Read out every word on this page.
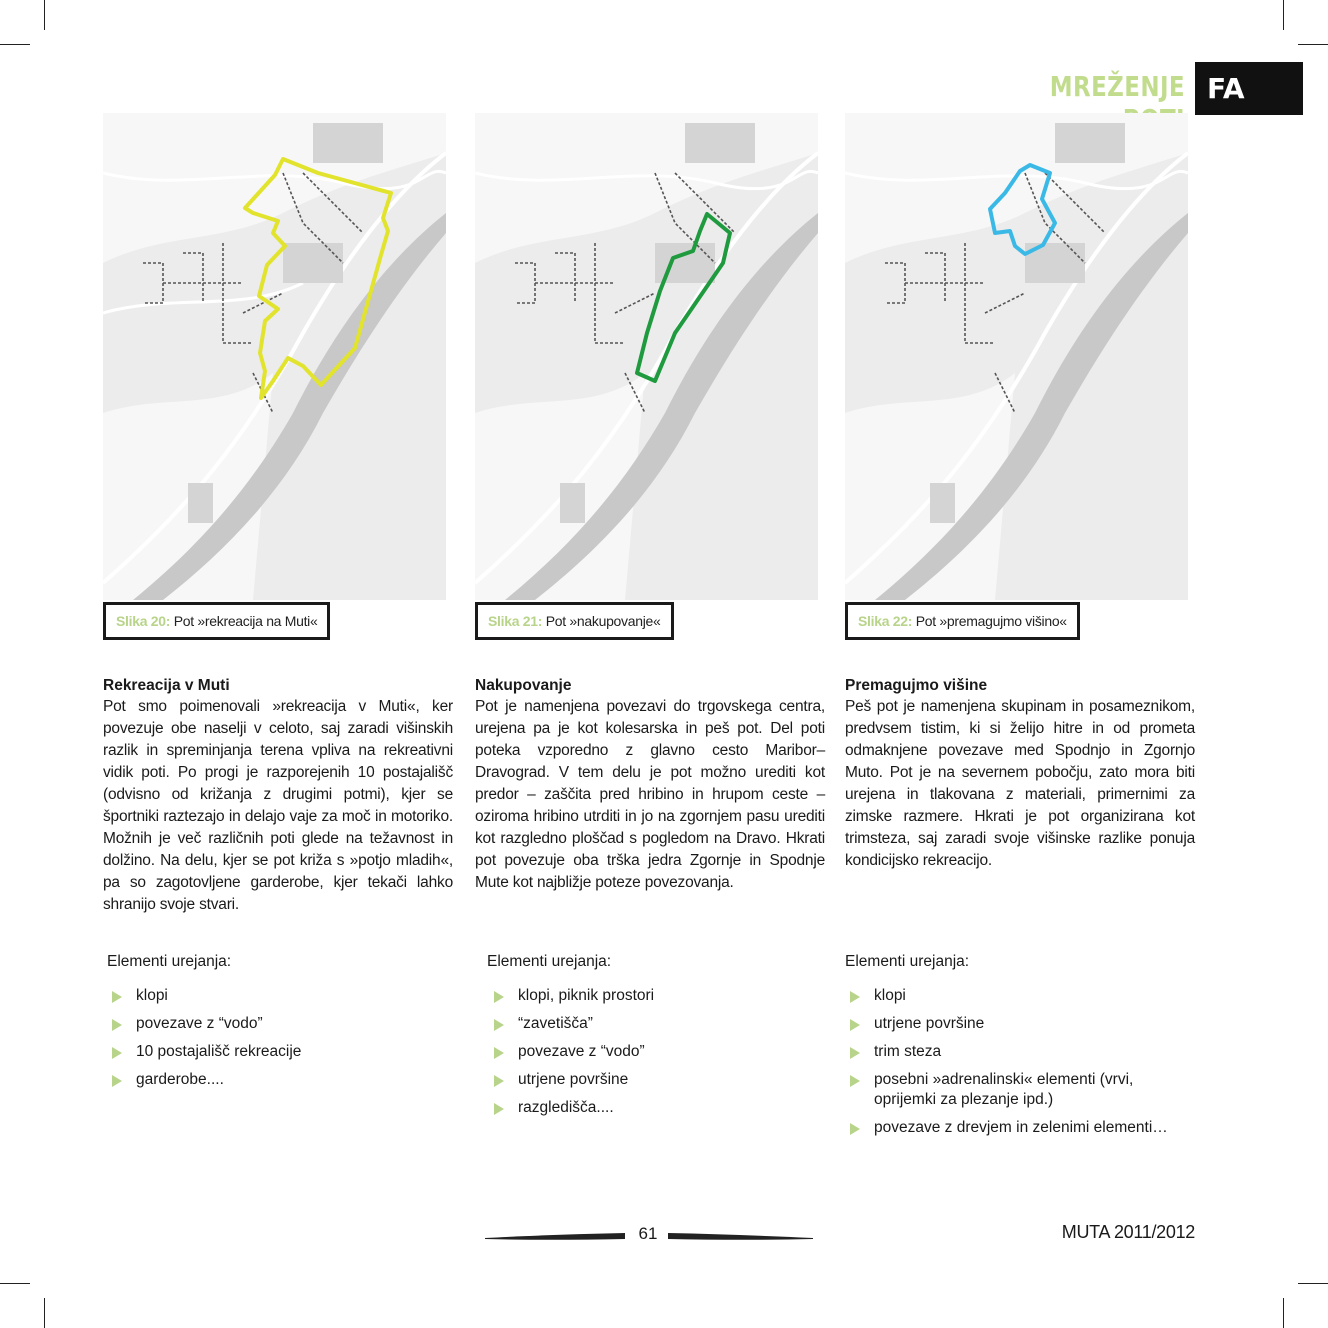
MREŽENJE FA
Slika 20: Pot »rekreacija na Muti«	Slika 21: Pot »nakupovanje«	Slika 22: Pot »premagujmo višino«
Rekreacija v Muti

Pot smo poimenovali »rekreacija v Muti«, ker povezuje obe naselji v celoto, saj zaradi višinskih razlik in spreminjanja terena vpliva na rekreativni vidik poti. Po progi je razporejenih 10 postajališč (odvisno od križanja z drugimi potmi), kjer se športniki raztezajo in delajo vaje za moč in motoriko. Možnih je več različnih poti glede na težavnost in dolžino. Na delu, kjer se pot križa s »potjo mladih«, pa so zagotovljene garderobe, kjer tekači lahko shranijo svoje stvari.

Nakupovanje

Pot je namenjena povezavi do trgovskega centra, urejena pa je kot kolesarska in peš pot. Del poti poteka vzporedno z glavno cesto Maribor–Dravograd. V tem delu je pot možno urediti kot predor – zaščita pred hribino in hrupom ceste – oziroma hribino utrditi in jo na zgornjem pasu urediti kot razgledno ploščad s pogledom na Dravo. Hkrati pot povezuje oba trška jedra Zgornje in Spodnje Mute kot najbližje poteze povezovanja.

Premagujmo višine

Peš pot je namenjena skupinam in posameznikom, predvsem tistim, ki si želijo hitre in od prometa odmaknjene povezave med Spodnjo in Zgornjo Muto. Pot je na severnem pobočju, zato mora biti urejena in tlakovana z materiali, primernimi za zimske razmere. Hkrati je pot organizirana kot trimsteza, saj zaradi svoje višinske razlike ponuja kondicijsko rekreacijo.

Elementi urejanja:	Elementi urejanja:	Elementi urejanja:
klopi
povezave z “vodo”
10 postajališč rekreacije
garderobe....
klopi, piknik prostori
“zavetišča”
povezave z “vodo”
utrjene površine
razgledišča....
klopi
utrjene površine
trim steza
posebni »adrenalinski« elementi (vrvi, oprijemki za plezanje ipd.)
povezave z drevjem in zelenimi elementi…
61	MUTA 2011/2012
